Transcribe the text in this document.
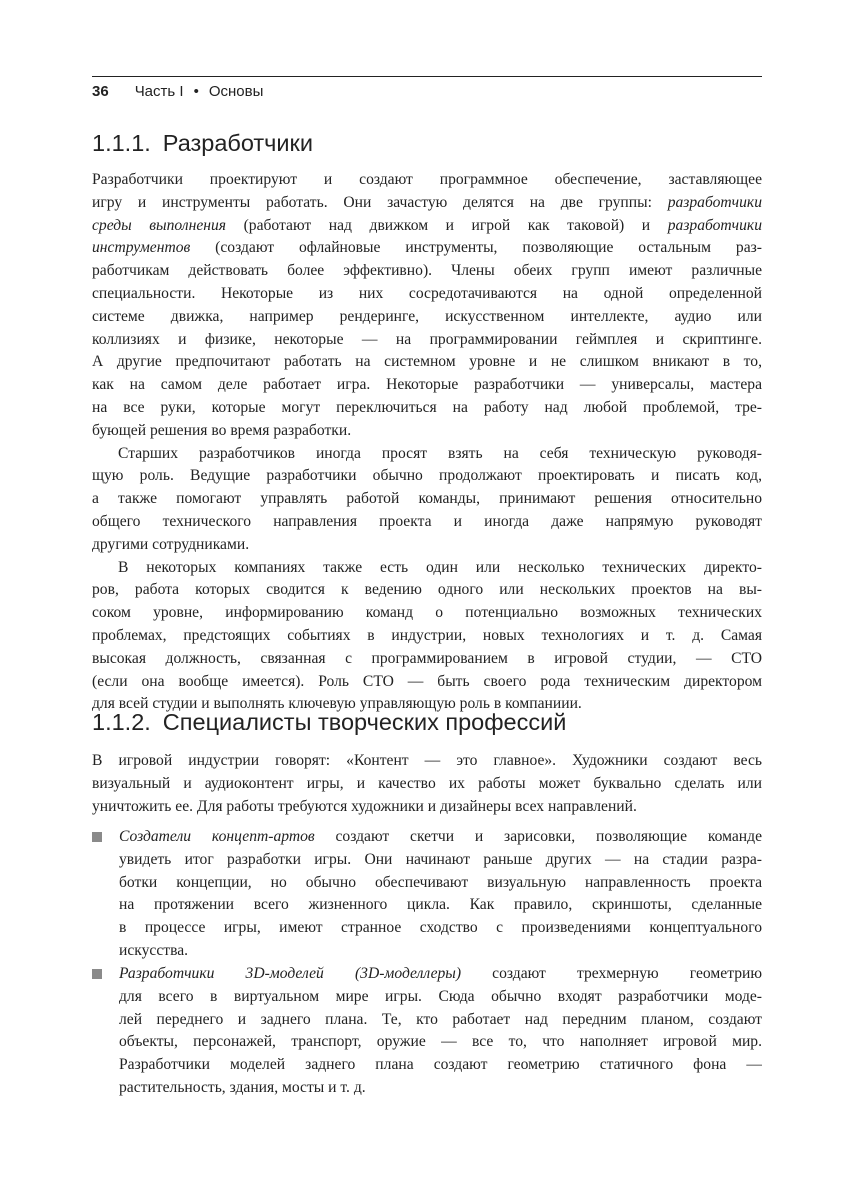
36 Часть I • Основы
1.1.1. Разработчики
Разработчики проектируют и создают программное обеспечение, заставляющее
игру и инструменты работать. Они зачастую делятся на две группы: разработчики
среды выполнения (работают над движком и игрой как таковой) и разработчики
инструментов (создают офлайновые инструменты, позволяющие остальным раз-
работчикам действовать более эффективно). Члены обеих групп имеют различные
специальности. Некоторые из них сосредотачиваются на одной определенной
системе движка, например рендеринге, искусственном интеллекте, аудио или
коллизиях и физике, некоторые — на программировании геймплея и скриптинге.
А другие предпочитают работать на системном уровне и не слишком вникают в то,
как на самом деле работает игра. Некоторые разработчики — универсалы, мастера
на все руки, которые могут переключиться на работу над любой проблемой, тре-
бующей решения во время разработки.
Старших разработчиков иногда просят взять на себя техническую руководя-
щую роль. Ведущие разработчики обычно продолжают проектировать и писать код,
а также помогают управлять работой команды, принимают решения относительно
общего технического направления проекта и иногда даже напрямую руководят
другими сотрудниками.
В некоторых компаниях также есть один или несколько технических директо-
ров, работа которых сводится к ведению одного или нескольких проектов на вы-
соком уровне, информированию команд о потенциально возможных технических
проблемах, предстоящих событиях в индустрии, новых технологиях и т. д. Самая
высокая должность, связанная с программированием в игровой студии, — CTO
(если она вообще имеется). Роль CTO — быть своего рода техническим директором
для всей студии и выполнять ключевую управляющую роль в компаниии.
1.1.2. Специалисты творческих профессий
В игровой индустрии говорят: «Контент — это главное». Художники создают весь
визуальный и аудиоконтент игры, и качество их работы может буквально сделать или
уничтожить ее. Для работы требуются художники и дизайнеры всех направлений.
Создатели концепт-артов создают скетчи и зарисовки, позволяющие команде
увидеть итог разработки игры. Они начинают раньше других — на стадии разра-
ботки концепции, но обычно обеспечивают визуальную направленность проекта
на протяжении всего жизненного цикла. Как правило, скриншоты, сделанные
в процессе игры, имеют странное сходство с произведениями концептуального
искусства.
Разработчики 3D-моделей (3D-моделлеры) создают трехмерную геометрию
для всего в виртуальном мире игры. Сюда обычно входят разработчики моде-
лей переднего и заднего плана. Те, кто работает над передним планом, создают
объекты, персонажей, транспорт, оружие — все то, что наполняет игровой мир.
Разработчики моделей заднего плана создают геометрию статичного фона —
растительность, здания, мосты и т. д.
